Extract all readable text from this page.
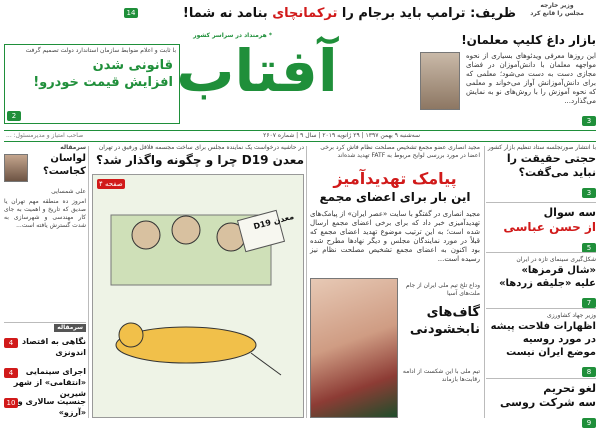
وزیر خارجه
مجلس را قانع کرد
ظریف: ترامپ باید برجام را ترکمانچای بنامد نه شما!
14
بازار داغ کلیپ معلمان!
این روزها معرفی ویدئوهای بسیاری از نحوه مواجهه معلمان با دانش‌آموزان در فضای مجازی دست به دست می‌شود؛ معلمی که برای دانش‌آموزانش آواز می‌خواند و معلمی که نحوه آموزش را با روش‌های نو به نمایش می‌گذارد...
3
آفتاب
* هرمنداد در سراسر کشور
با ثابت و اعلام ضوابط سازمان استاندارد دولت تصمیم گرفت
قانونی شدن
افزایش قیمت خودرو!
2
سه‌شنبه ۹ بهمن ۱۳۹۷ | ۲۹ ژانویه ۲۰۱۹ | سال ۹ | شماره ۲۶۰۷
صاحب امتیاز و مدیرمسئول: ...
با انتشار صورتجلسه ستاد تنظیم بازار کشور
حجتی حقیقت را
نباید می‌گفت؟
3
سه سوال
از حسن عباسی
5
شکل‌گیری سینمای تازه در ایران
«شال قرمزها»
علیه «جلیقه زردها»
7
وزیر جهاد کشاورزی
اظهارات فلاحت پیشه
در مورد روسیه
موضع ایران نیست
8
لغو تحریم
سه شرکت روسی
9
مجید انصاری عضو مجمع تشخیص مصلحت نظام فاش کرد برخی اعضا در مورد بررسی لوایح مربوط به FATF تهدید شده‌اند
پیامک تهدیدآمیز
این بار برای اعضای مجمع
مجید انصاری در گفتگو با سایت «عصر ایران» از پیامک‌های تهدیدآمیزی خبر داد که برای برخی اعضای مجمع ارسال شده است؛ به این ترتیب موضوع تهدید اعضای مجمع که قبلاً در مورد نمایندگان مجلس و دیگر نهادها مطرح شده بود اکنون به اعضای مجمع تشخیص مصلحت نظام نیز رسیده است...
وداع تلخ تیم ملی ایران از جام ملت‌های آسیا
گاف‌های نابخشودنی
تیم ملی با این شکست از ادامه رقابت‌ها بازماند
در حاشیه درخواست یک نماینده مجلس برای ساخت مجسمه فلافل ورفیق در تهران
معدن D19 چرا و چگونه واگذار شد؟
معدن D19
صفحه ۴
سرمقاله
لواسان کجاست؟
علی شمسایی
امروز ده منطقه مهم تهران یا صدیق که تاریخ و اهمیت به جای کار مهندسی و شهرسازی به شدت گسترش یافته است...
سرمقاله
نگاهی به اقتصاد اندونزی
4
اجرای سینمایی «انتقامی» از شهر شیرین
4
جنسیت سالاری و «آرزو»
10
